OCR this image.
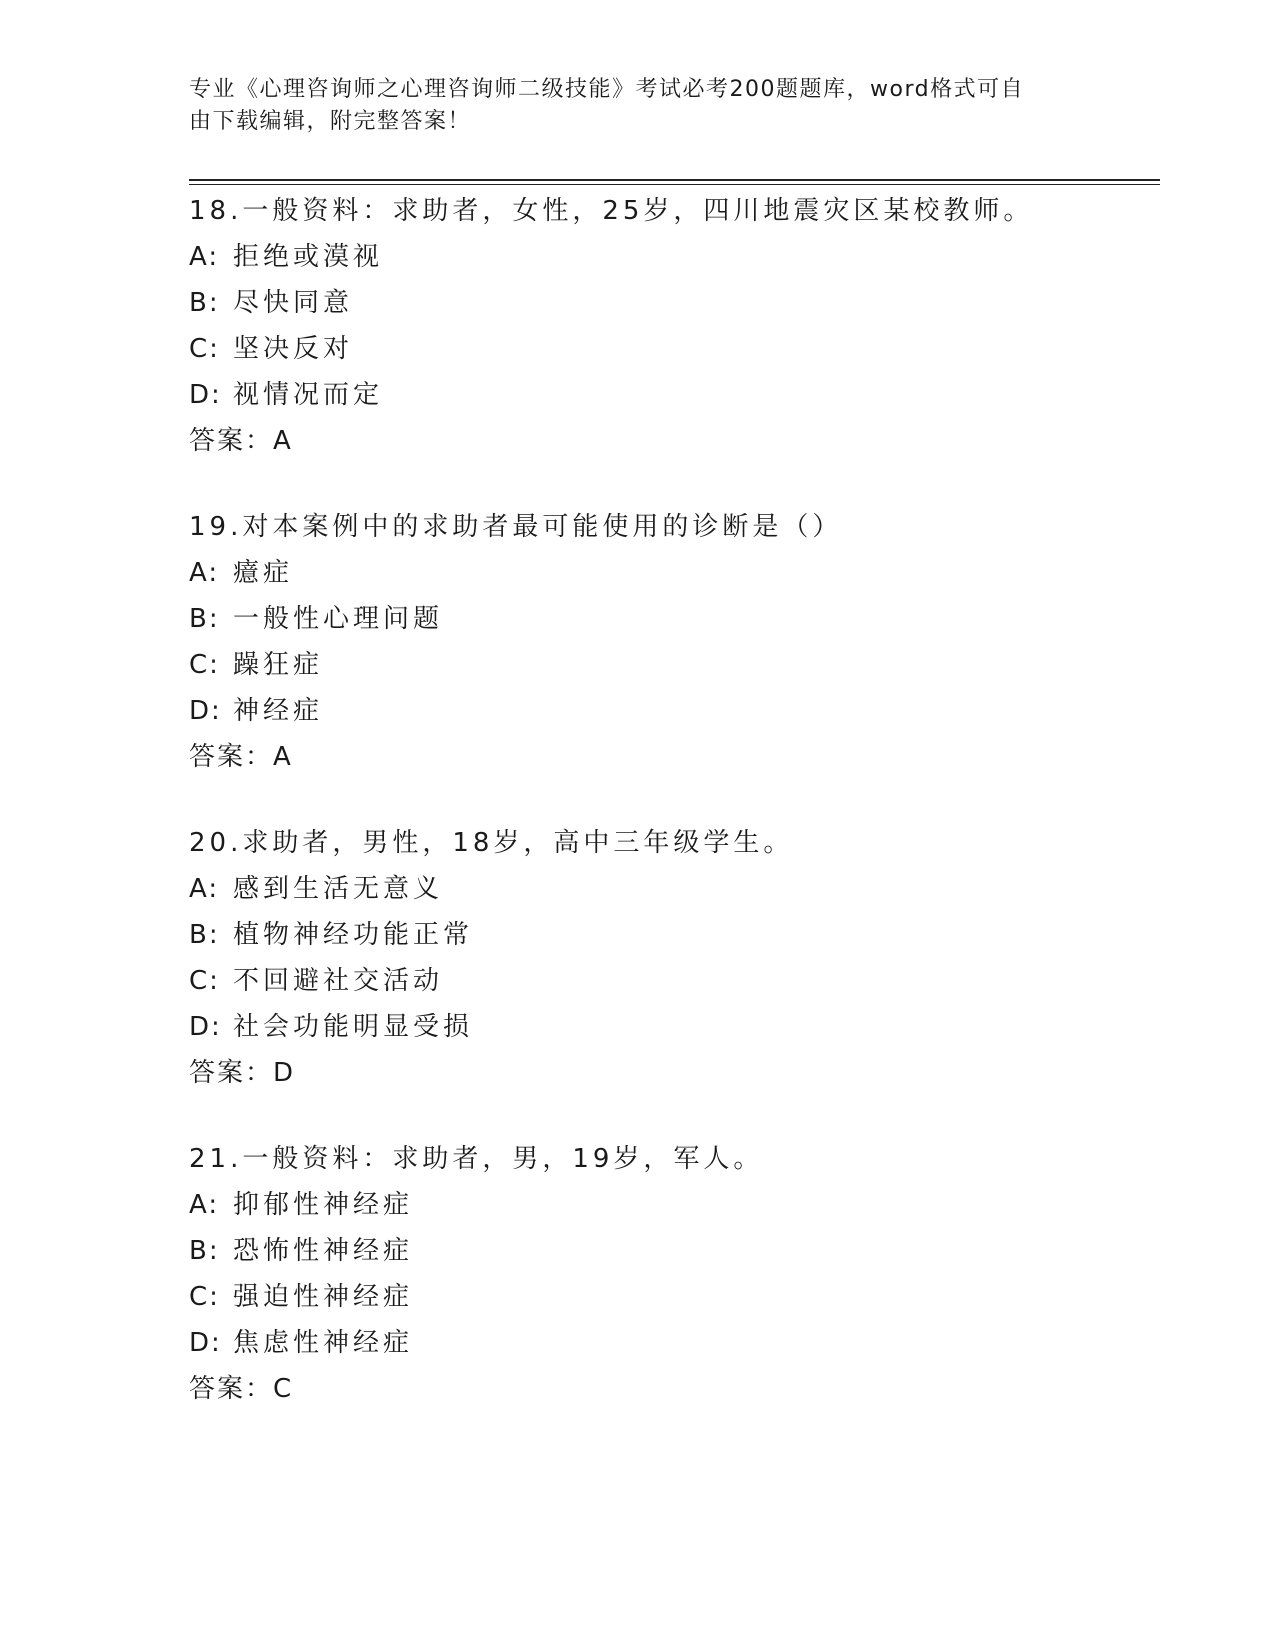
专业《心理咨询师之心理咨询师二级技能》考试必考200题题库，word格式可自
由下载编辑，附完整答案！
18.一般资料：求助者，女性，25岁，四川地震灾区某校教师。
A: 拒绝或漠视
B: 尽快同意
C: 坚决反对
D: 视情况而定
答案：A
19.对本案例中的求助者最可能使用的诊断是（）
A: 癔症
B: 一般性心理问题
C: 躁狂症
D: 神经症
答案：A
20.求助者，男性，18岁，高中三年级学生。
A: 感到生活无意义
B: 植物神经功能正常
C: 不回避社交活动
D: 社会功能明显受损
答案：D
21.一般资料：求助者，男，19岁，军人。
A: 抑郁性神经症
B: 恐怖性神经症
C: 强迫性神经症
D: 焦虑性神经症
答案：C
